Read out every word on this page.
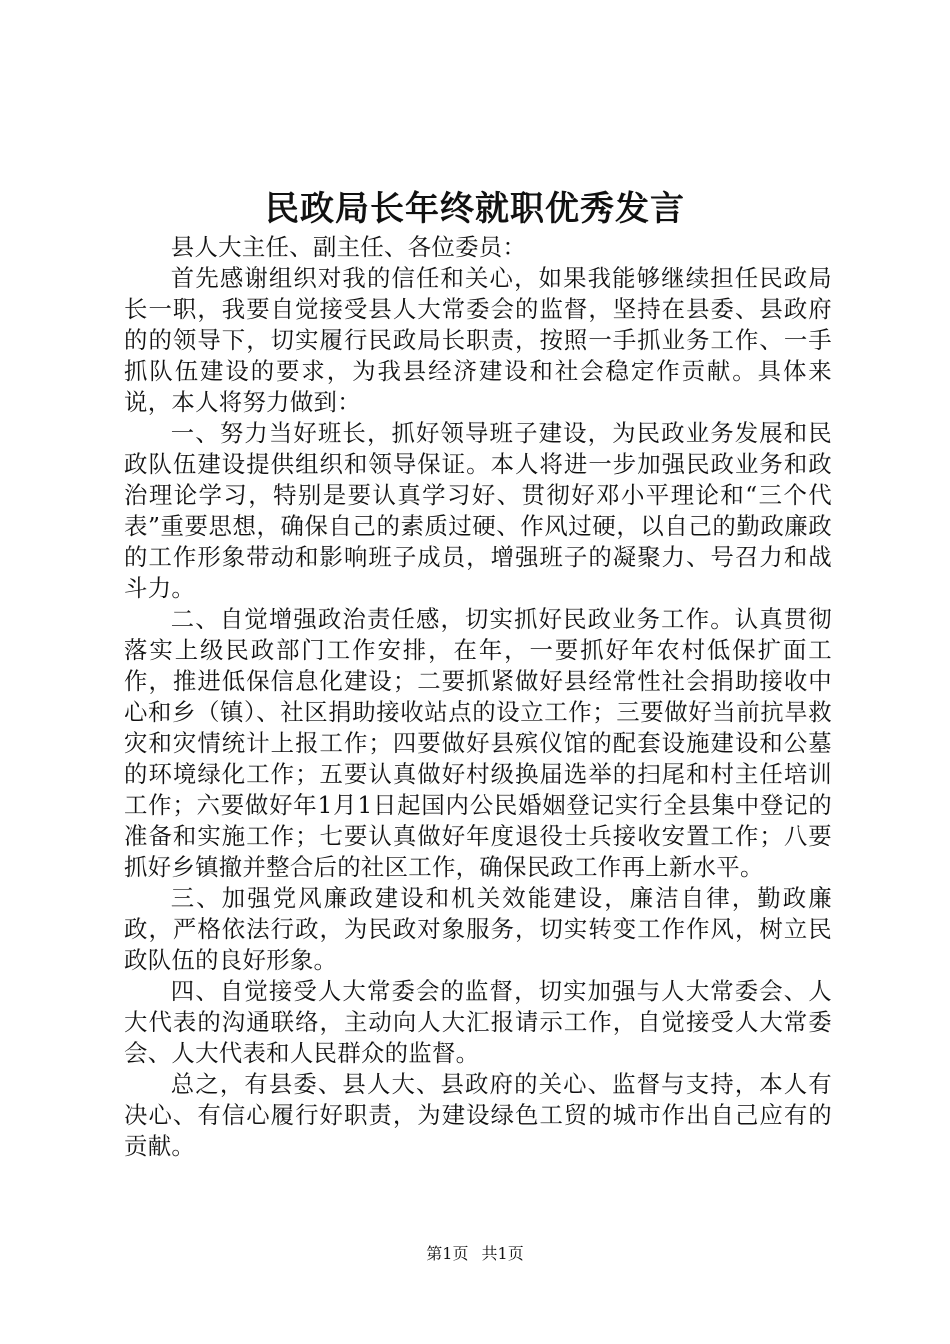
民政局长年终就职优秀发言

县人大主任、副主任、各位委员：

首先感谢组织对我的信任和关心，如果我能够继续担任民政局长一职，我要自觉接受县人大常委会的监督，坚持在县委、县政府的的领导下，切实履行民政局长职责，按照一手抓业务工作、一手抓队伍建设的要求，为我县经济建设和社会稳定作贡献。具体来说，本人将努力做到：

一、努力当好班长，抓好领导班子建设，为民政业务发展和民政队伍建设提供组织和领导保证。本人将进一步加强民政业务和政治理论学习，特别是要认真学习好、贯彻好邓小平理论和“三个代表”重要思想，确保自己的素质过硬、作风过硬，以自己的勤政廉政的工作形象带动和影响班子成员，增强班子的凝聚力、号召力和战斗力。

二、自觉增强政治责任感，切实抓好民政业务工作。认真贯彻落实上级民政部门工作安排，在年，一要抓好年农村低保扩面工作，推进低保信息化建设；二要抓紧做好县经常性社会捐助接收中心和乡（镇）、社区捐助接收站点的设立工作；三要做好当前抗旱救灾和灾情统计上报工作；四要做好县殡仪馆的配套设施建设和公墓的环境绿化工作；五要认真做好村级换届选举的扫尾和村主任培训工作；六要做好年1月1日起国内公民婚姻登记实行全县集中登记的准备和实施工作；七要认真做好年度退役士兵接收安置工作；八要抓好乡镇撤并整合后的社区工作，确保民政工作再上新水平。

三、加强党风廉政建设和机关效能建设，廉洁自律，勤政廉政，严格依法行政，为民政对象服务，切实转变工作作风，树立民政队伍的良好形象。

四、自觉接受人大常委会的监督，切实加强与人大常委会、人大代表的沟通联络，主动向人大汇报请示工作，自觉接受人大常委会、人大代表和人民群众的监督。

总之，有县委、县人大、县政府的关心、监督与支持，本人有决心、有信心履行好职责，为建设绿色工贸的城市作出自己应有的贡献。

第1页 共1页
